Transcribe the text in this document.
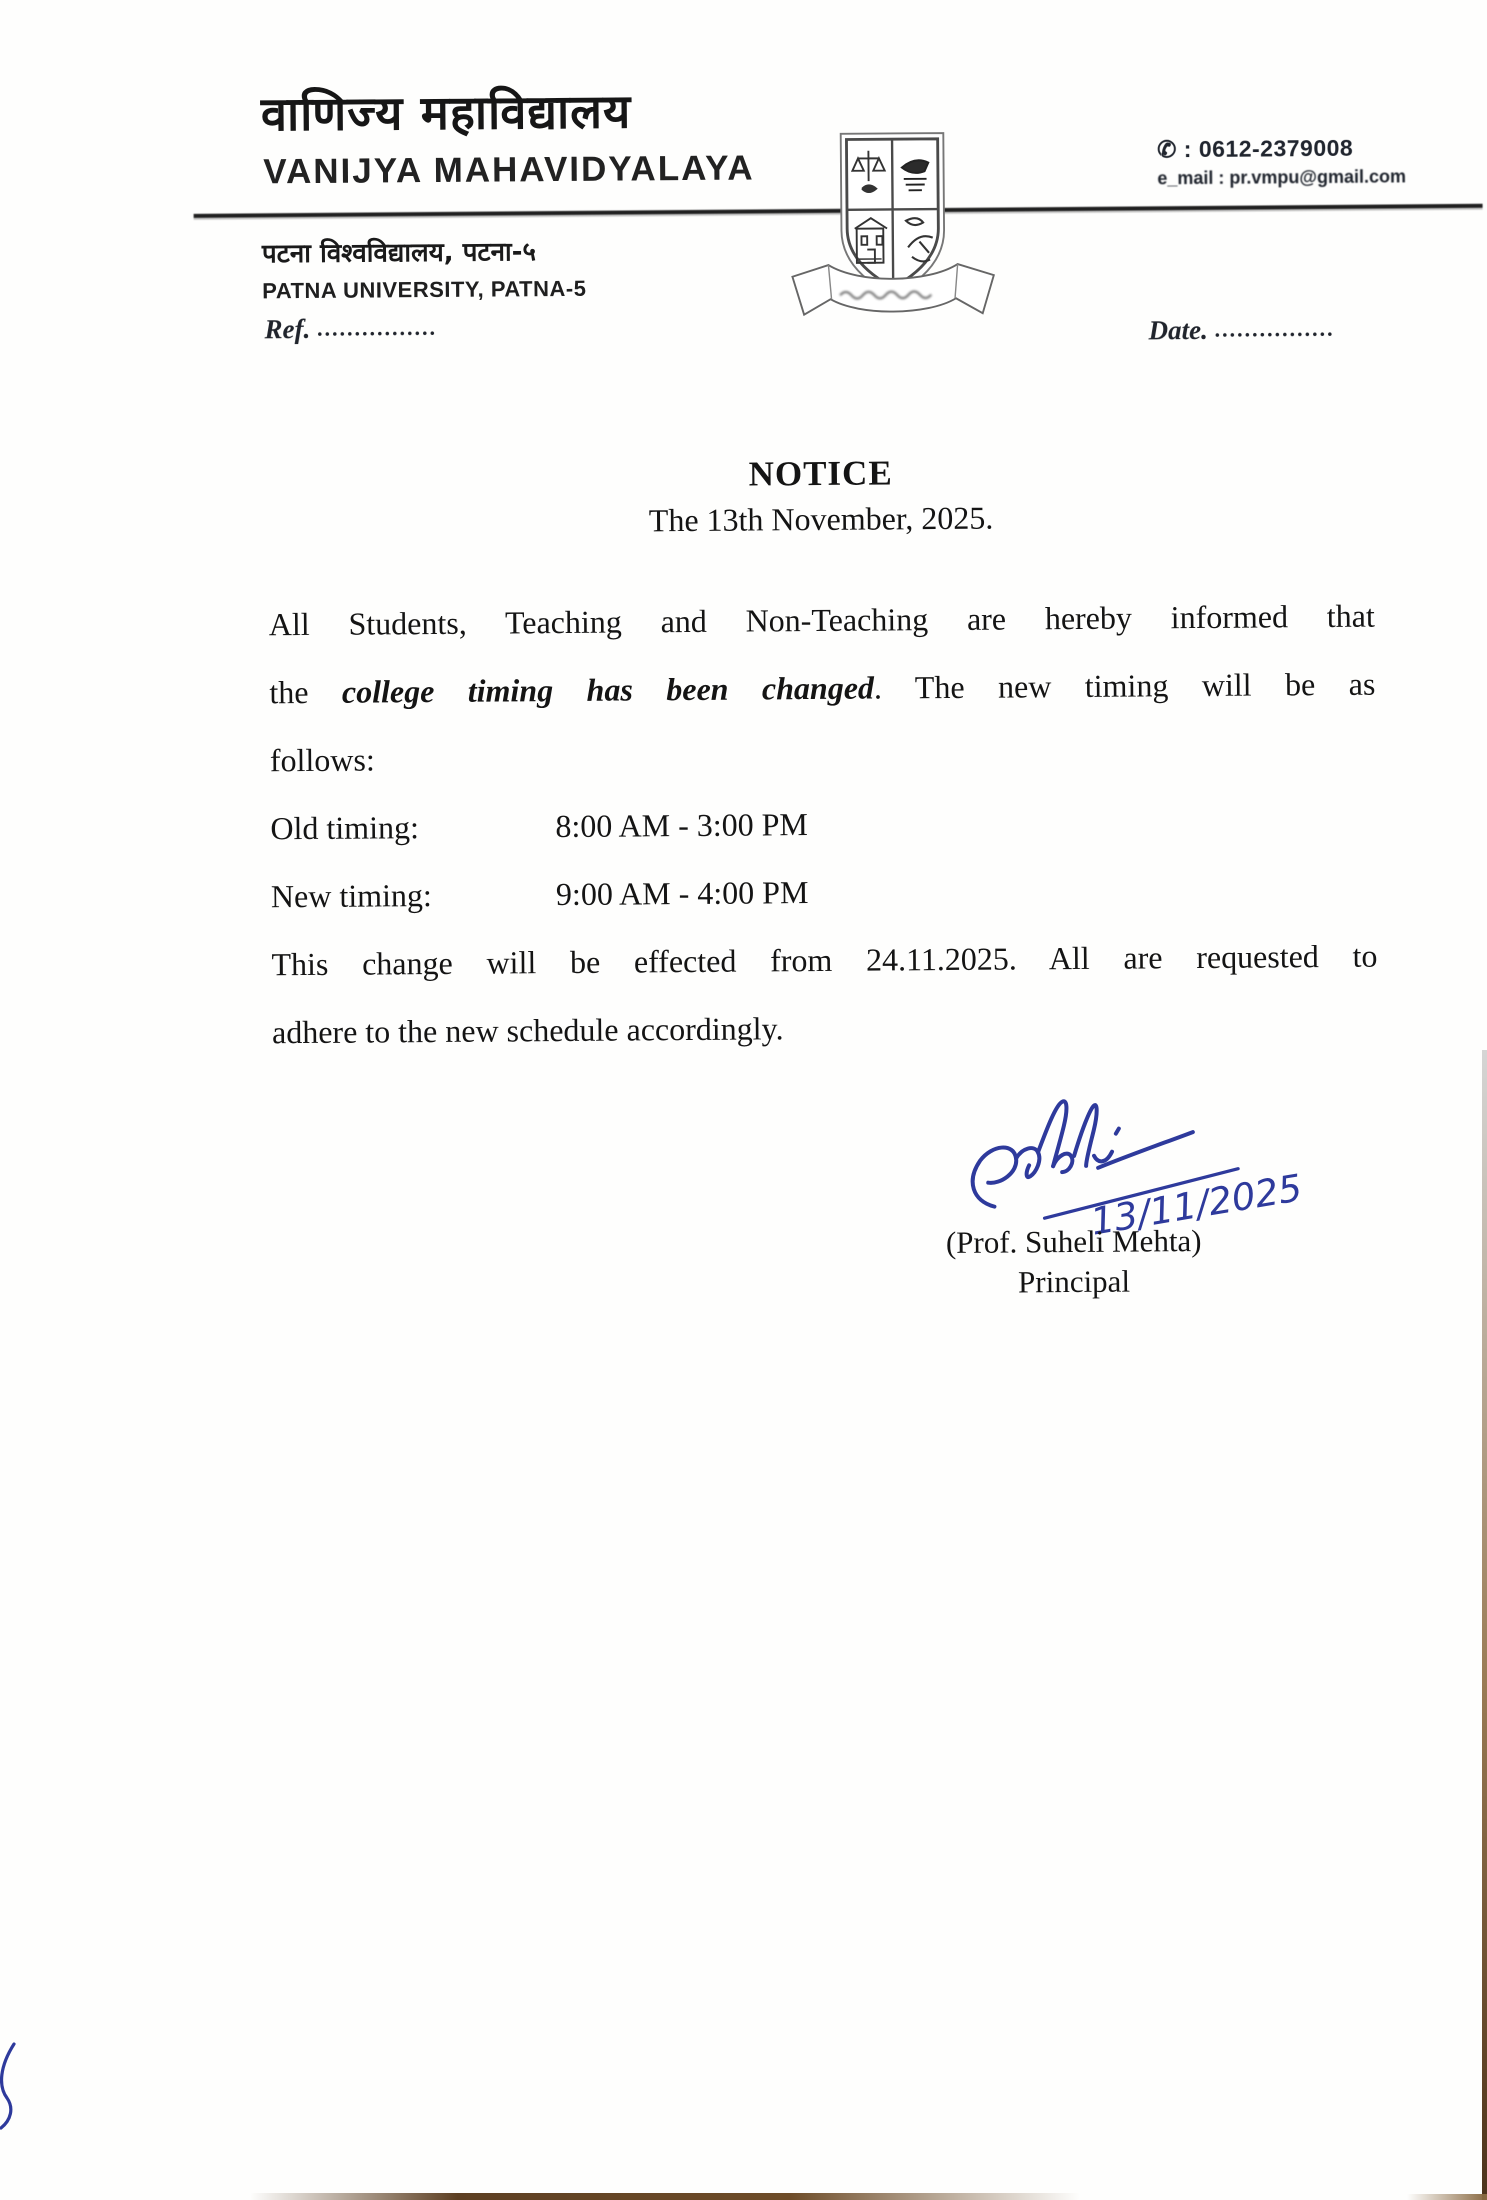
वाणिज्य महाविद्यालय
VANIJYA MAHAVIDYALAYA
पटना विश्वविद्यालय, पटना-५
PATNA UNIVERSITY, PATNA-5
✆ : 0612-2379008
e_mail : pr.vmpu@gmail.com
Ref. ................	Date. ................
NOTICE
The 13th November, 2025.
All Students, Teaching and Non-Teaching are hereby informed that
the college timing has been changed. The new timing will be as
follows:
Old timing:	8:00 AM - 3:00 PM
New timing:	9:00 AM - 4:00 PM
This change will be effected from 24.11.2025. All are requested to
adhere to the new schedule accordingly.
13/11/2025
(Prof. Suheli Mehta)
Principal
